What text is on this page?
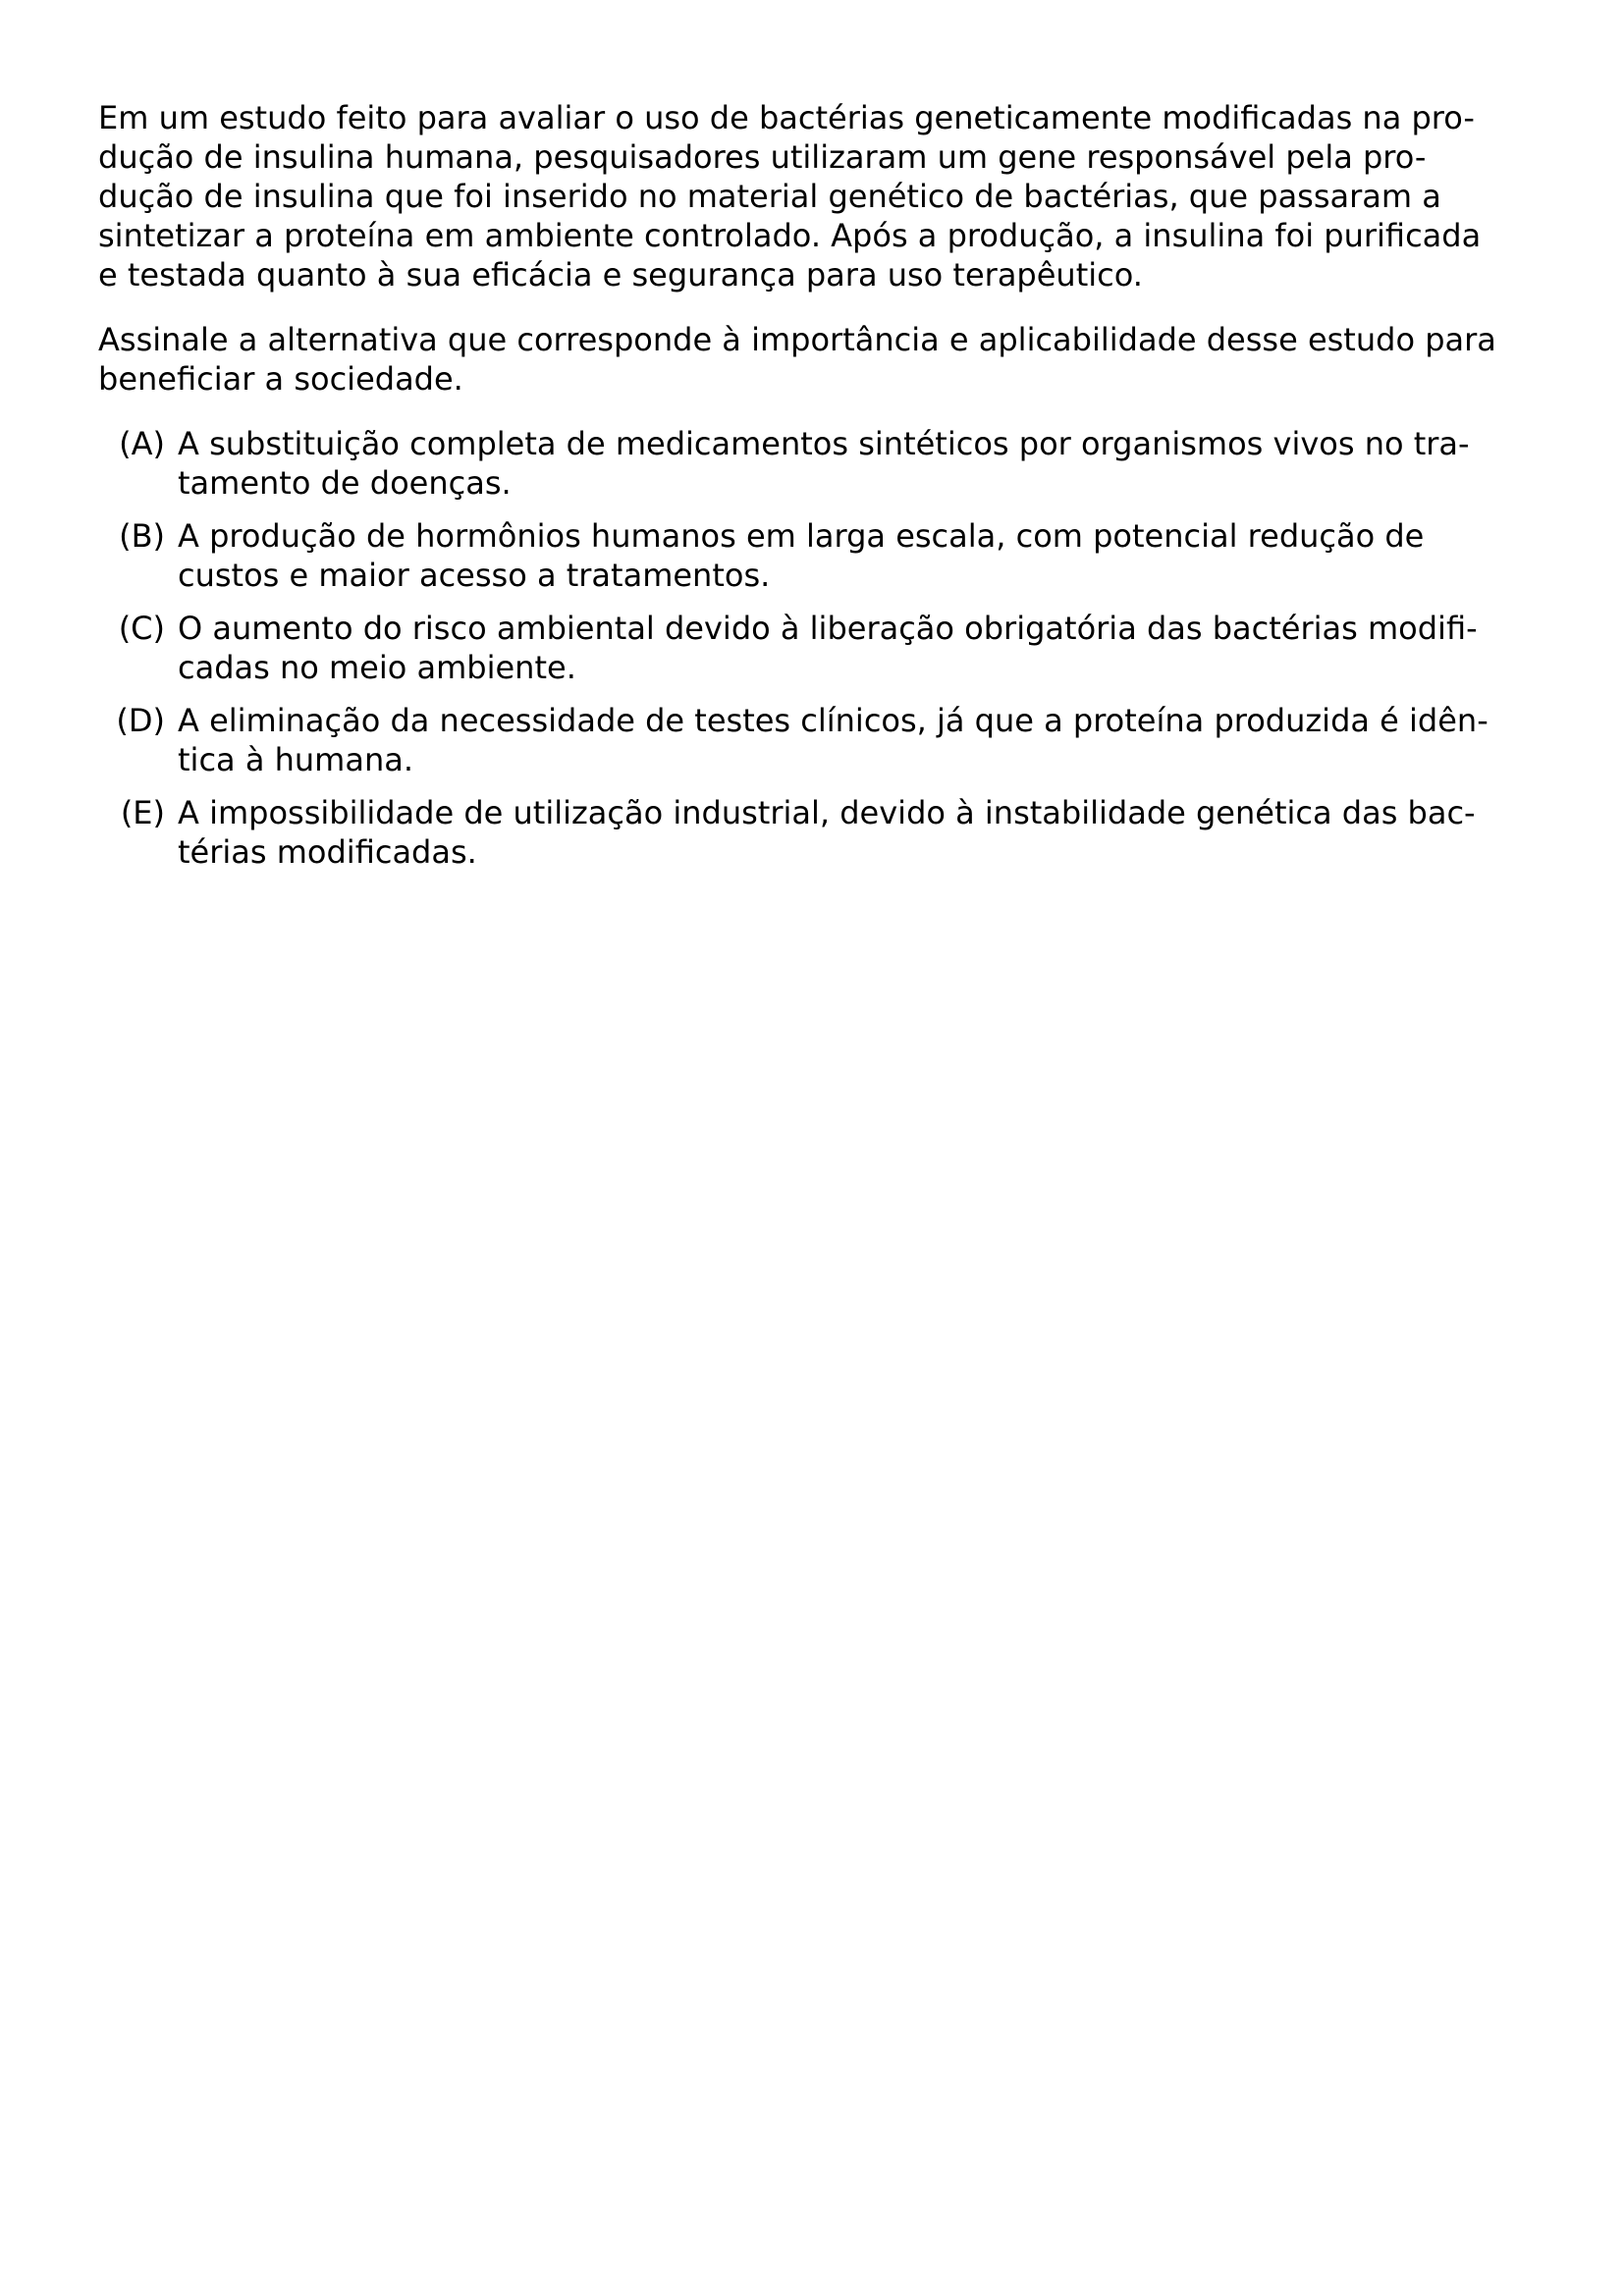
Em um estudo feito para avaliar o uso de bactérias geneticamente modificadas na pro-
dução de insulina humana, pesquisadores utilizaram um gene responsável pela pro-
dução de insulina que foi inserido no material genético de bactérias, que passaram a
sintetizar a proteína em ambiente controlado. Após a produção, a insulina foi purificada
e testada quanto à sua eficácia e segurança para uso terapêutico.

Assinale a alternativa que corresponde à importância e aplicabilidade desse estudo para
beneficiar a sociedade.

(A) A substituição completa de medicamentos sintéticos por organismos vivos no tra-
tamento de doenças.
(B) A produção de hormônios humanos em larga escala, com potencial redução de
custos e maior acesso a tratamentos.
(C) O aumento do risco ambiental devido à liberação obrigatória das bactérias modifi-
cadas no meio ambiente.
(D) A eliminação da necessidade de testes clínicos, já que a proteína produzida é idên-
tica à humana.
(E) A impossibilidade de utilização industrial, devido à instabilidade genética das bac-
térias modificadas.
